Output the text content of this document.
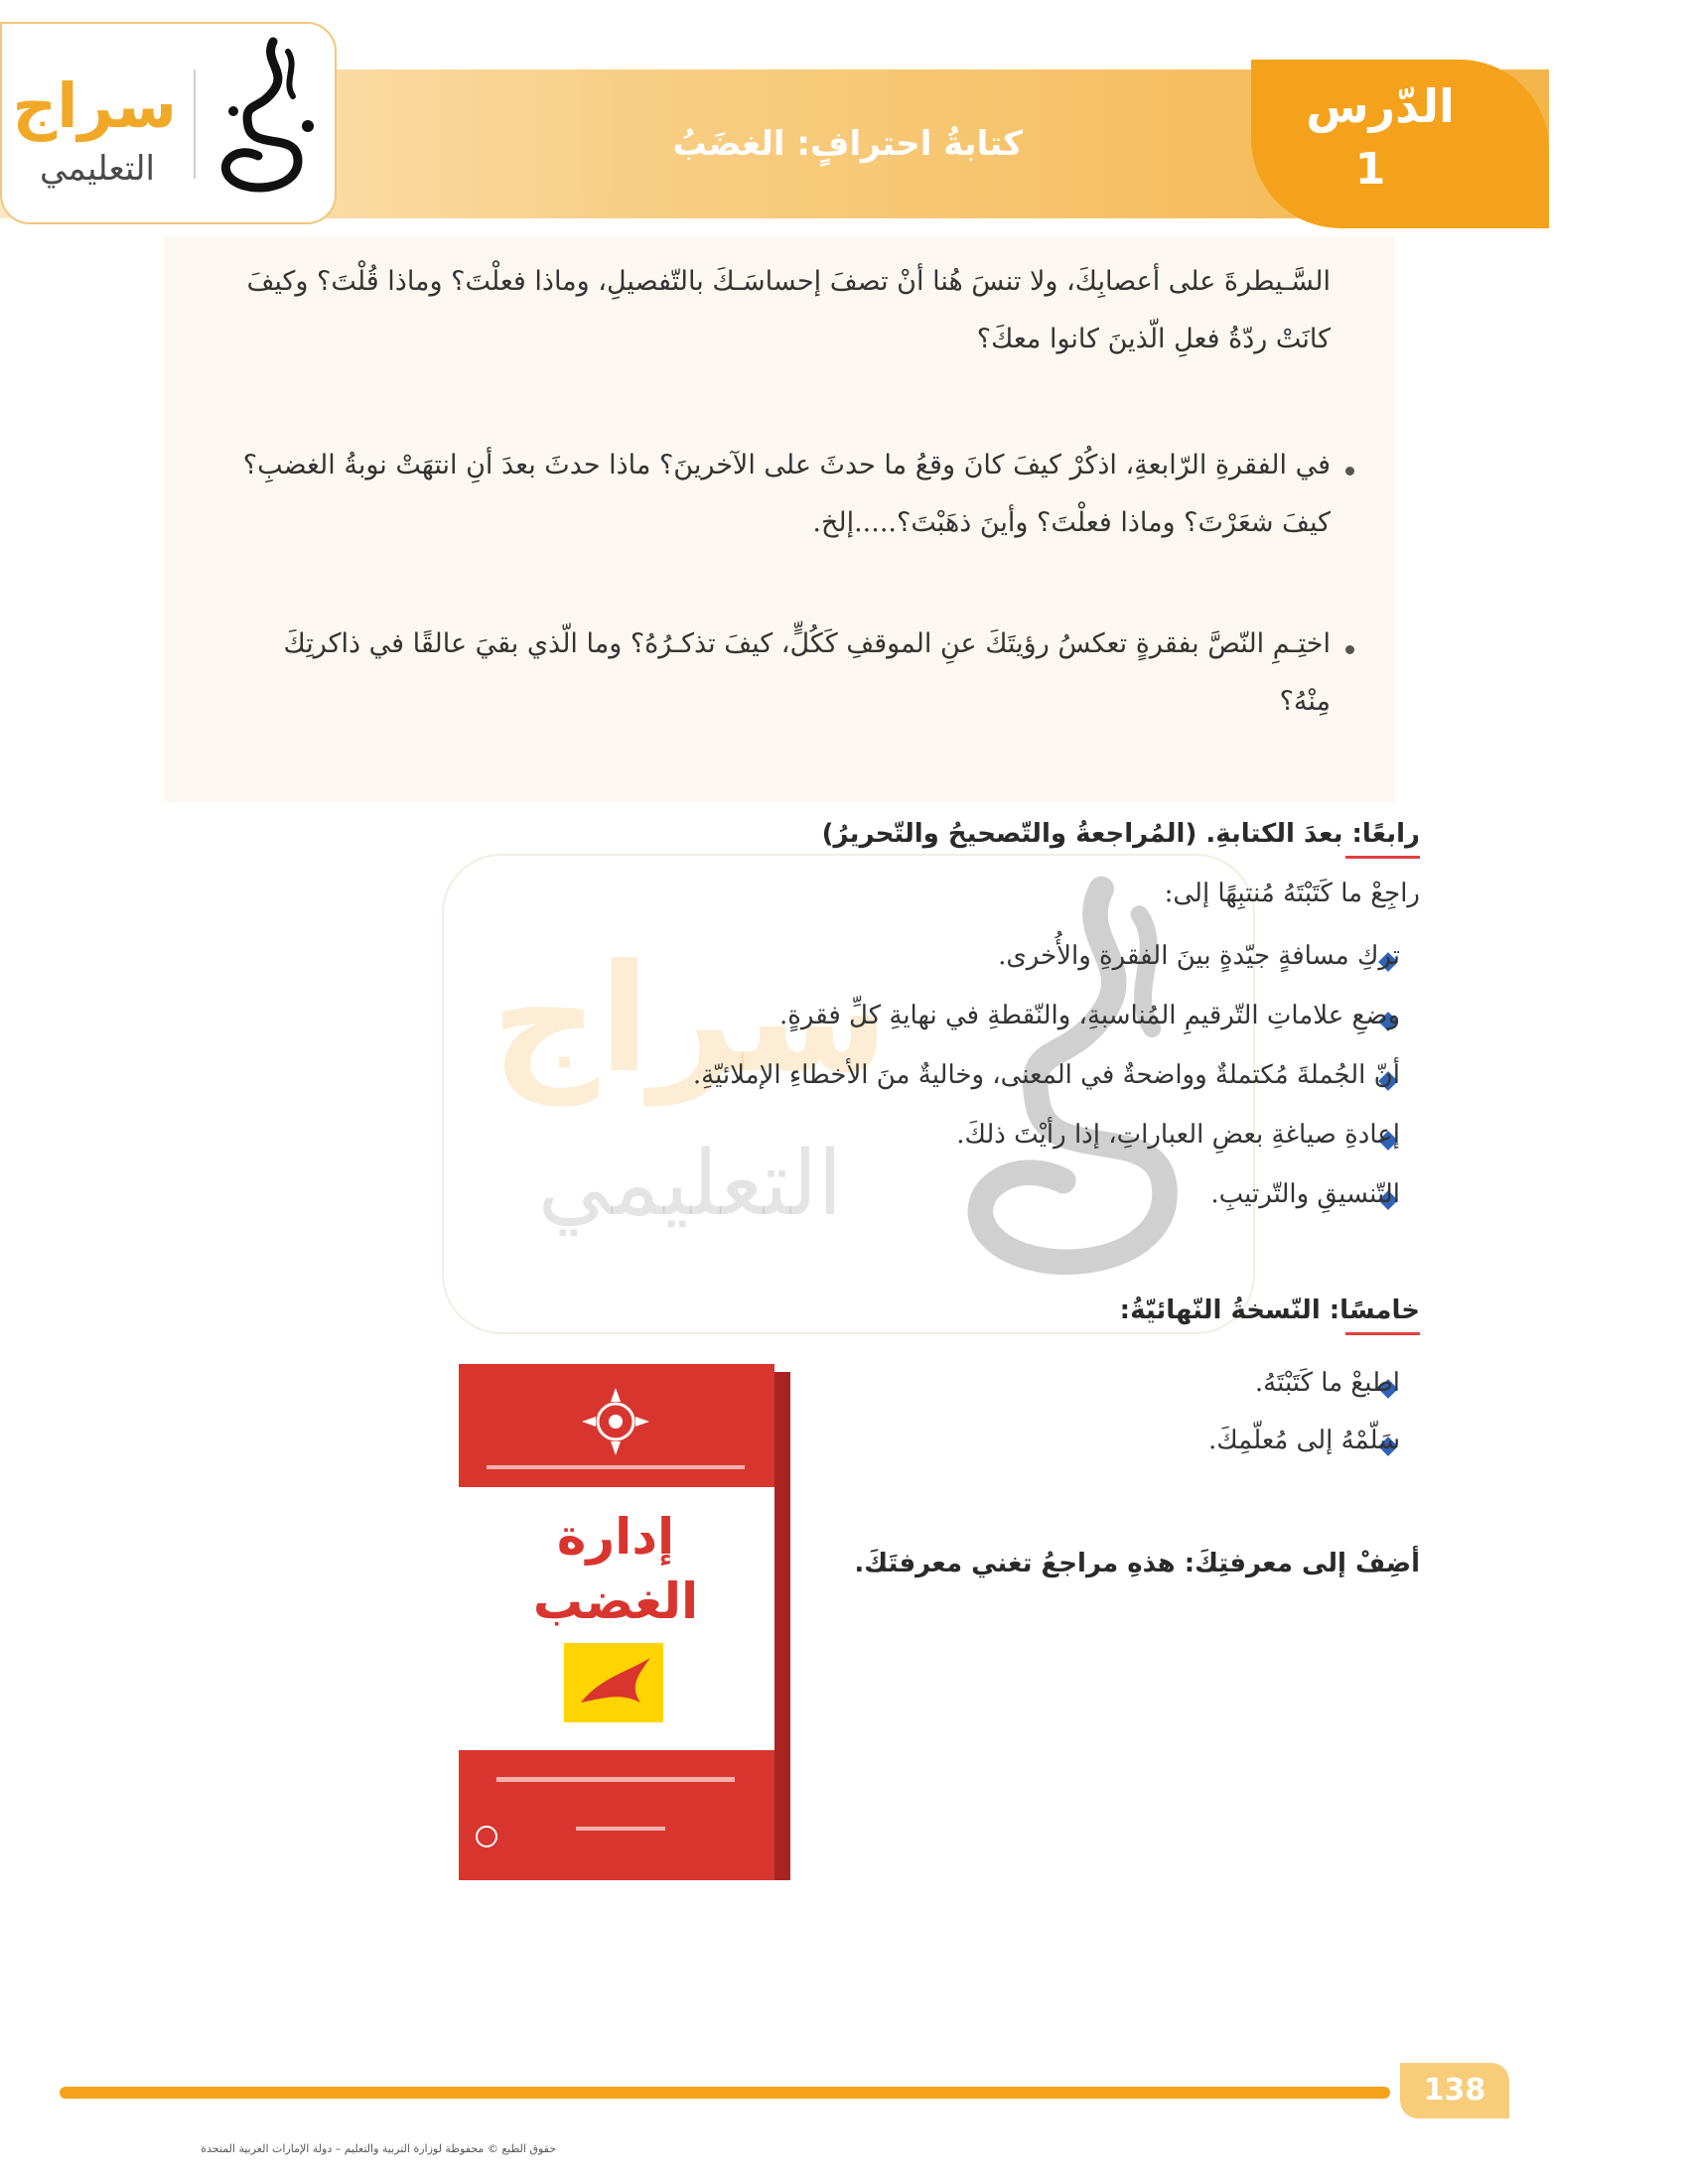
كتابةُ احترافٍ: الغضَبُ
الدّرس
1
سراج
التعليمي
السَّـيطرةَ على أعصابِكَ، ولا تنسَ هُنا أنْ تصفَ إحساسَـكَ بالتّفصيلِ، وماذا فعلْتَ؟ وماذا قُلْتَ؟ وكيفَ
كانَتْ ردّةُ فعلِ الّذينَ كانوا معكَ؟
في الفقرةِ الرّابعةِ، اذكُرْ كيفَ كانَ وقعُ ما حدثَ على الآخرينَ؟ ماذا حدثَ بعدَ أنِ انتهَتْ نوبةُ الغضبِ؟
كيفَ شعَرْتَ؟ وماذا فعلْتَ؟ وأينَ ذهَبْتَ؟.....إلخ.
اختِـمِ النّصَّ بفقرةٍ تعكسُ رؤيتَكَ عنِ الموقفِ كَكُلٍّ، كيفَ تذكـرُهُ؟ وما الّذي بقيَ عالقًا في ذاكرتِكَ
مِنْهُ؟
سراج
التعليمي
رابعًا: بعدَ الكتابةِ. (المُراجعةُ والتّصحيحُ والتّحريرُ)
راجِعْ ما كَتَبْتَهُ مُنتبِهًا إلى:
تركِ مسافةٍ جيّدةٍ بينَ الفقرةِ والأُخرى.
وضعِ علاماتِ التّرقيمِ المُناسبةِ، والنّقطةِ في نهايةِ كلِّ فقرةٍ.
أنّ الجُملةَ مُكتملةٌ وواضحةٌ في المعنى، وخاليةٌ منَ الأخطاءِ الإملائيّةِ.
إعادةِ صياغةِ بعضِ العباراتِ، إذا رأيْتَ ذلكَ.
التّنسيقِ والتّرتيبِ.
خامسًا: النّسخةُ النّهائيّةُ:
اطبعْ ما كَتَبْتَهُ.
سَلّمْهُ إلى مُعلّمِكَ.
أضِفْ إلى معرفتِكَ: هذهِ مراجعُ تغني معرفتَكَ.
إدارة
الغضب
138
حقوق الطبع © محفوظة لوزارة التربية والتعليم – دولة الإمارات العربية المتحدة
